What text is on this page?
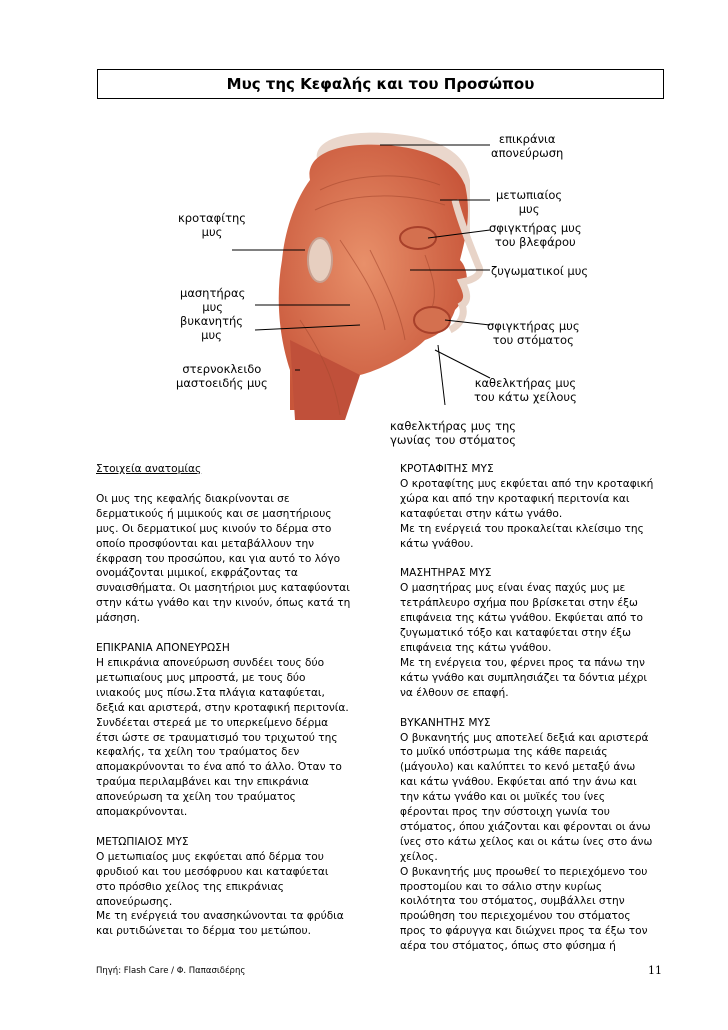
Μυς της Κεφαλής και του Προσώπου
επικράνια
απονεύρωση
κροταφίτης
μυς
μετωπιαίος
μυς
σφιγκτήρας μυς
του βλεφάρου
ζυγωματικοί μυς
μασητήρας
μυς
βυκανητής
μυς
σφιγκτήρας μυς
του στόματος
στερνοκλειδο
μαστοειδής μυς	καθελκτήρας μυς
του κάτω χείλους
καθελκτήρας μυς της
γωνίας του στόματος

Στοιχεία ανατομίας

Οι μυς της κεφαλής διακρίνονται σε

δερματικούς ή μιμικούς και σε μασητήριους

μυς. Οι δερματικοί μυς κινούν το δέρμα στο

οποίο προσφύονται και μεταβάλλουν την

έκφραση του προσώπου, και για αυτό το λόγο

ονομάζονται μιμικοί, εκφράζοντας τα

συναισθήματα. Οι μασητήριοι μυς καταφύονται

στην κάτω γνάθο και την κινούν, όπως κατά τη

μάσηση.

ΕΠΙΚΡΑΝΙΑ ΑΠΟΝΕΥΡΩΣΗ

Η επικράνια απονεύρωση συνδέει τους δύο

μετωπιαίους μυς μπροστά, με τους δύο

ινιακούς μυς πίσω.Στα πλάγια καταφύεται,

δεξιά και αριστερά, στην κροταφική περιτονία.

Συνδέεται στερεά με το υπερκείμενο δέρμα

έτσι ώστε σε τραυματισμό του τριχωτού της

κεφαλής, τα χείλη του τραύματος δεν

απομακρύνονται το ένα από το άλλο. Όταν το

τραύμα περιλαμβάνει και την επικράνια

απονεύρωση τα χείλη του τραύματος

απομακρύνονται.

ΜΕΤΩΠΙΑΙΟΣ ΜΥΣ

Ο μετωπιαίος μυς εκφύεται από δέρμα του

φρυδιού και του μεσόφρυου και καταφύεται

στο πρόσθιο χείλος της επικράνιας

απονεύρωσης.

Με τη ενέργειά του ανασηκώνονται τα φρύδια

και ρυτιδώνεται το δέρμα του μετώπου.

ΚΡΟΤΑΦΙΤΗΣ ΜΥΣ

Ο κροταφίτης μυς εκφύεται από την κροταφική

χώρα και από την κροταφική περιτονία και

καταφύεται στην κάτω γνάθο.

Με τη ενέργειά του προκαλείται κλείσιμο της

κάτω γνάθου.

ΜΑΣΗΤΗΡΑΣ ΜΥΣ

Ο μασητήρας μυς είναι ένας παχύς μυς με

τετράπλευρο σχήμα που βρίσκεται στην έξω

επιφάνεια της κάτω γνάθου. Εκφύεται από το

ζυγωματικό τόξο και καταφύεται στην έξω

επιφάνεια της κάτω γνάθου.

Με τη ενέργεια του, φέρνει προς τα πάνω την

κάτω γνάθο και συμπλησιάζει τα δόντια μέχρι

να έλθουν σε επαφή.

ΒΥΚΑΝΗΤΗΣ ΜΥΣ

Ο βυκανητής μυς αποτελεί δεξιά και αριστερά

το μυϊκό υπόστρωμα της κάθε παρειάς

(μάγουλο) και καλύπτει το κενό μεταξύ άνω

και κάτω γνάθου. Εκφύεται από την άνω και

την κάτω γνάθο και οι μυϊκές του ίνες

φέρονται προς την σύστοιχη γωνία του

στόματος, όπου χιάζονται και φέρονται οι άνω

ίνες στο κάτω χείλος και οι κάτω ίνες στο άνω

χείλος.

Ο βυκανητής μυς προωθεί το περιεχόμενο του

προστομίου και το σάλιο στην κυρίως

κοιλότητα του στόματος, συμβάλλει στην

προώθηση του περιεχομένου του στόματος

προς το φάρυγγα και διώχνει προς τα έξω τον

αέρα του στόματος, όπως στο φύσημα ή

Πηγή: Flash Care / Φ. Παπασιδέρης	11
